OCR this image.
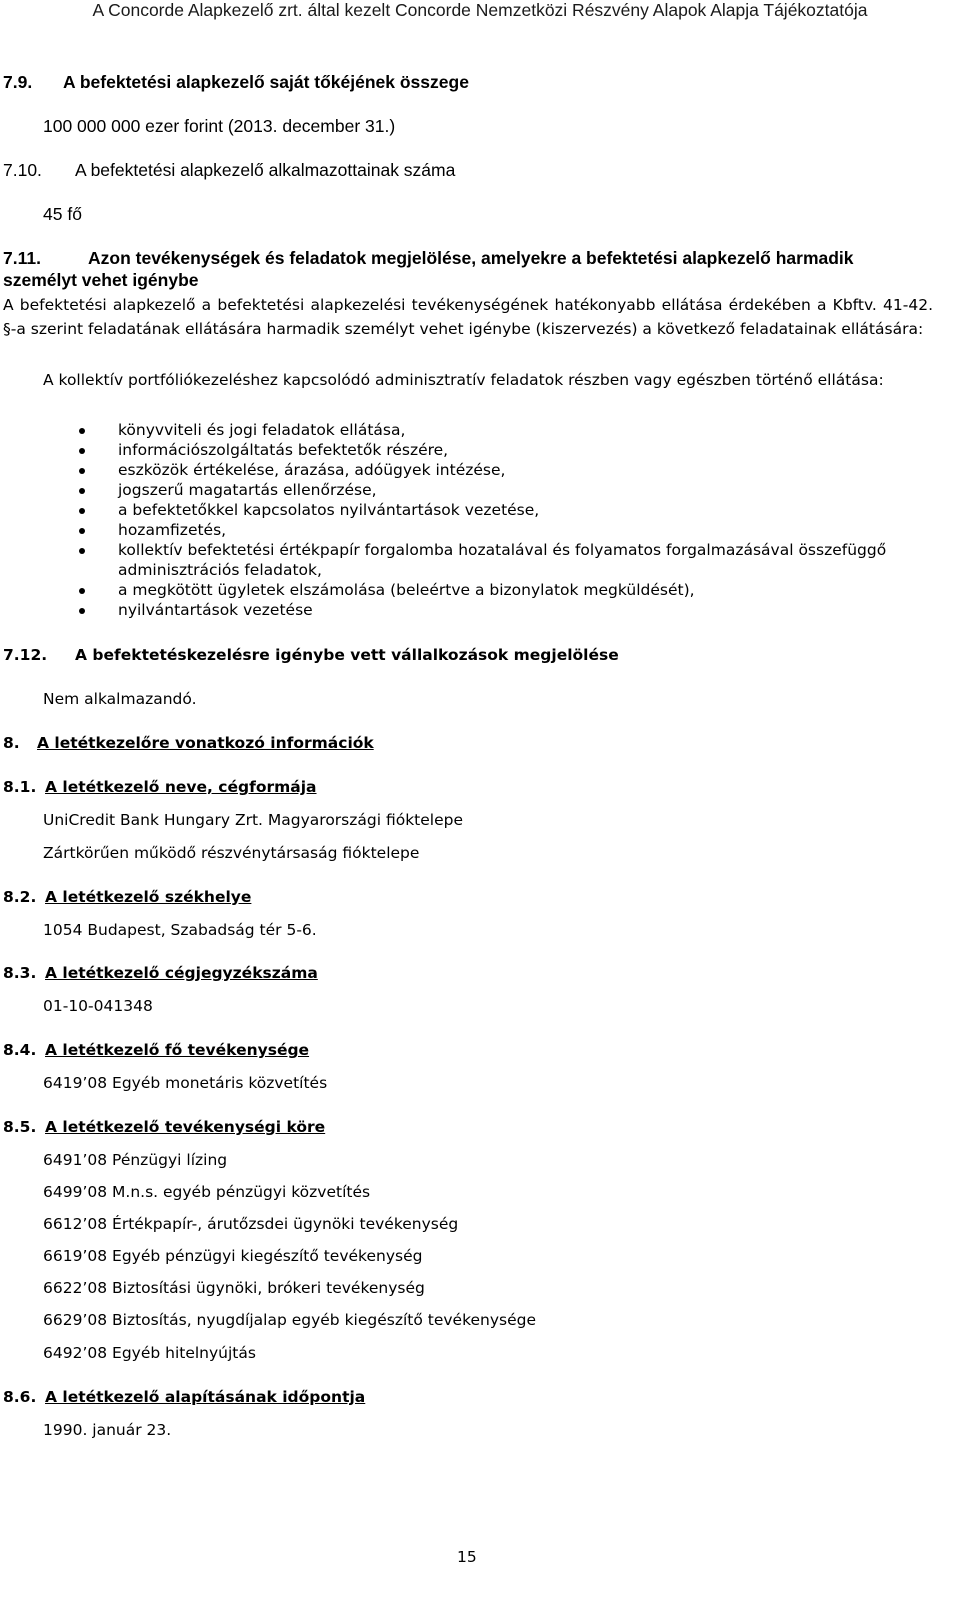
A Concorde Alapkezelő zrt. által kezelt Concorde Nemzetközi Részvény Alapok Alapja Tájékoztatója
7.9. A befektetési alapkezelő saját tőkéjének összege
100 000 000 ezer forint (2013. december 31.)
7.10. A befektetési alapkezelő alkalmazottainak száma
45 fő
7.11.	Azon tevékenységek és feladatok megjelölése, amelyekre a befektetési alapkezelő harmadik
személyt vehet igénybe
A befektetési alapkezelő a befektetési alapkezelési tevékenységének hatékonyabb ellátása érdekében a Kbftv. 41-42. §-a szerint feladatának ellátására harmadik személyt vehet igénybe (kiszervezés) a következő feladatainak ellátására:
A kollektív portfóliókezeléshez kapcsolódó adminisztratív feladatok részben vagy egészben történő ellátása:
könyvviteli és jogi feladatok ellátása,
információszolgáltatás befektetők részére,
eszközök értékelése, árazása, adóügyek intézése,
jogszerű magatartás ellenőrzése,
a befektetőkkel kapcsolatos nyilvántartások vezetése,
hozamfizetés,
kollektív befektetési értékpapír forgalomba hozatalával és folyamatos forgalmazásával összefüggő adminisztrációs feladatok,
a megkötött ügyletek elszámolása (beleértve a bizonylatok megküldését),
nyilvántartások vezetése
7.12. A befektetéskezelésre igénybe vett vállalkozások megjelölése
Nem alkalmazandó.
8. A letétkezelőre vonatkozó információk
8.1. A letétkezelő neve, cégformája
UniCredit Bank Hungary Zrt. Magyarországi fióktelepe
Zártkörűen működő részvénytársaság fióktelepe
8.2. A letétkezelő székhelye
1054 Budapest, Szabadság tér 5-6.
8.3. A letétkezelő cégjegyzékszáma
01-10-041348
8.4. A letétkezelő fő tevékenysége
6419’08 Egyéb monetáris közvetítés
8.5. A letétkezelő tevékenységi köre
6491’08 Pénzügyi lízing
6499’08 M.n.s. egyéb pénzügyi közvetítés
6612’08 Értékpapír-, árutőzsdei ügynöki tevékenység
6619’08 Egyéb pénzügyi kiegészítő tevékenység
6622’08 Biztosítási ügynöki, brókeri tevékenység
6629’08 Biztosítás, nyugdíjalap egyéb kiegészítő tevékenysége
6492’08 Egyéb hitelnyújtás
8.6. A letétkezelő alapításának időpontja
1990. január 23.
15
